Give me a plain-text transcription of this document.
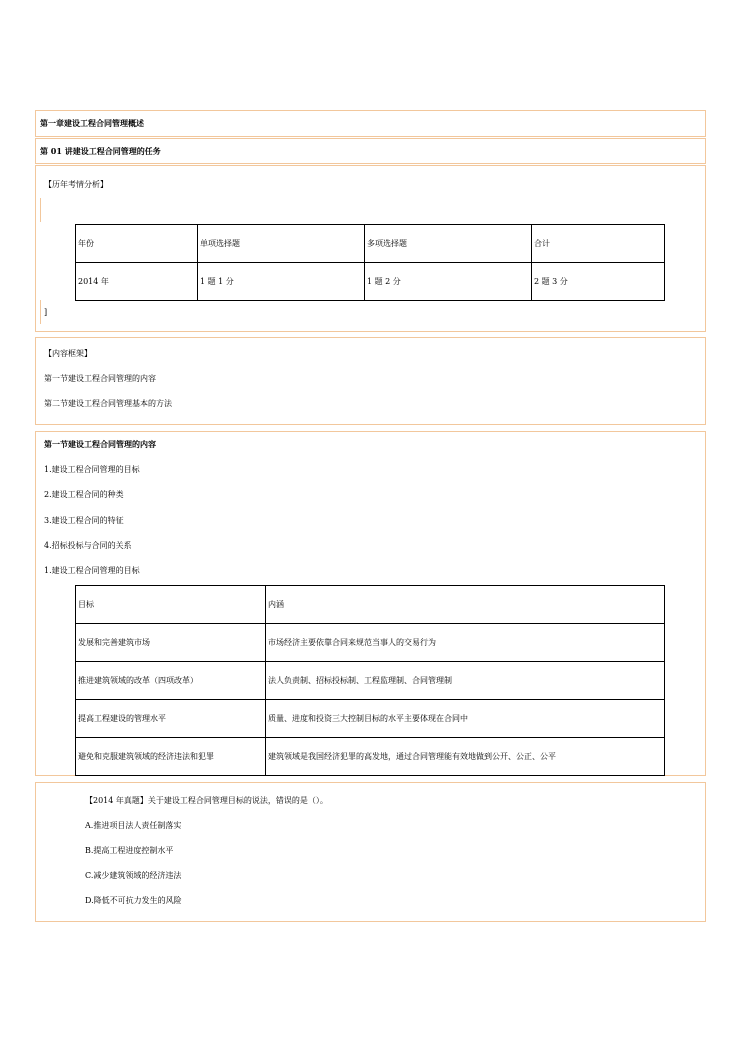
第一章建设工程合同管理概述
第 01 讲建设工程合同管理的任务
【历年考情分析】
年份	单项选择题	多项选择题	合计
2014 年	1 题 1 分	1 题 2 分	2 题 3 分
]
【内容框架】
第一节建设工程合同管理的内容
第二节建设工程合同管理基本的方法
第一节建设工程合同管理的内容
1.建设工程合同管理的目标
2.建设工程合同的种类
3.建设工程合同的特征
4.招标投标与合同的关系
1.建设工程合同管理的目标
目标	内涵
发展和完善建筑市场	市场经济主要依靠合同来规范当事人的交易行为
推进建筑领域的改革（四项改革）	法人负责制、招标投标制、工程监理制、合同管理制
提高工程建设的管理水平	质量、进度和投资三大控制目标的水平主要体现在合同中
避免和克服建筑领域的经济违法和犯罪	建筑领域是我国经济犯罪的高发地，通过合同管理能有效地做到公开、公正、公平
【2014 年真题】关于建设工程合同管理目标的说法，错误的是（）。
A.推进项目法人责任制落实
B.提高工程进度控制水平
C.减少建筑领域的经济违法
D.降低不可抗力发生的风险
